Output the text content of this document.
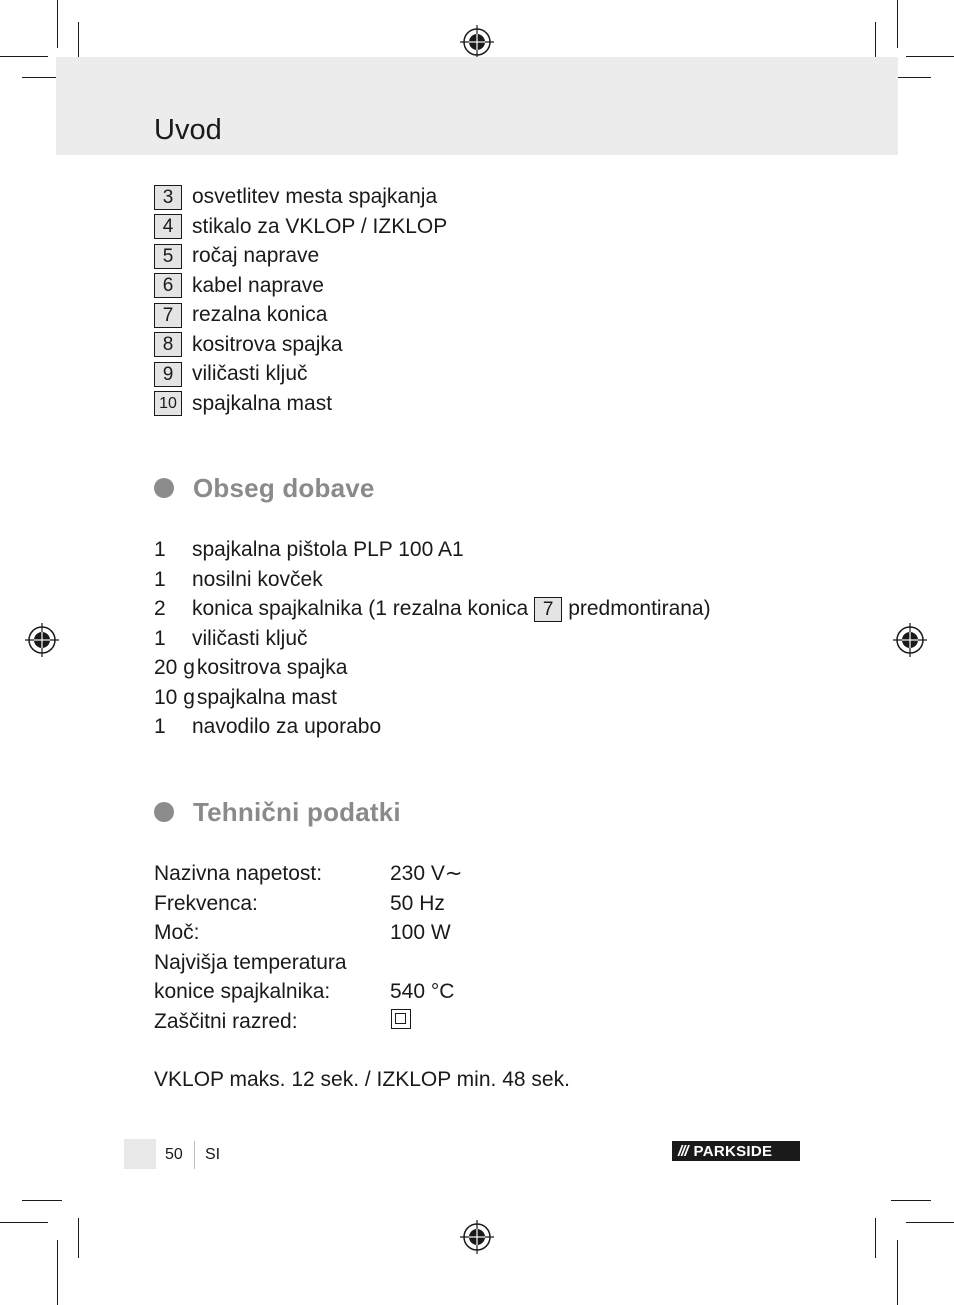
Uvod
3 osvetlitev mesta spajkanja
4 stikalo za VKLOP / IZKLOP
5 ročaj naprave
6 kabel naprave
7 rezalna konica
8 kositrova spajka
9 viličasti ključ
10 spajkalna mast
Obseg dobave
1 spajkalna pištola PLP 100 A1
1 nosilni kovček
2 konica spajkalnika (1 rezalna konica 7 predmontirana)
1 viličasti ključ
20 gkositrova spajka
10 gspajkalna mast
1 navodilo za uporabo
Tehnični podatki
Nazivna napetost:	230 V∼
Frekvenca:	50 Hz
Moč:	100 W
Najvišja temperatura
konice spajkalnika:	540 °C
Zaščitni razred:
VKLOP maks. 12 sek. / IZKLOP min. 48 sek.
50 SI	/// PARKSIDE
